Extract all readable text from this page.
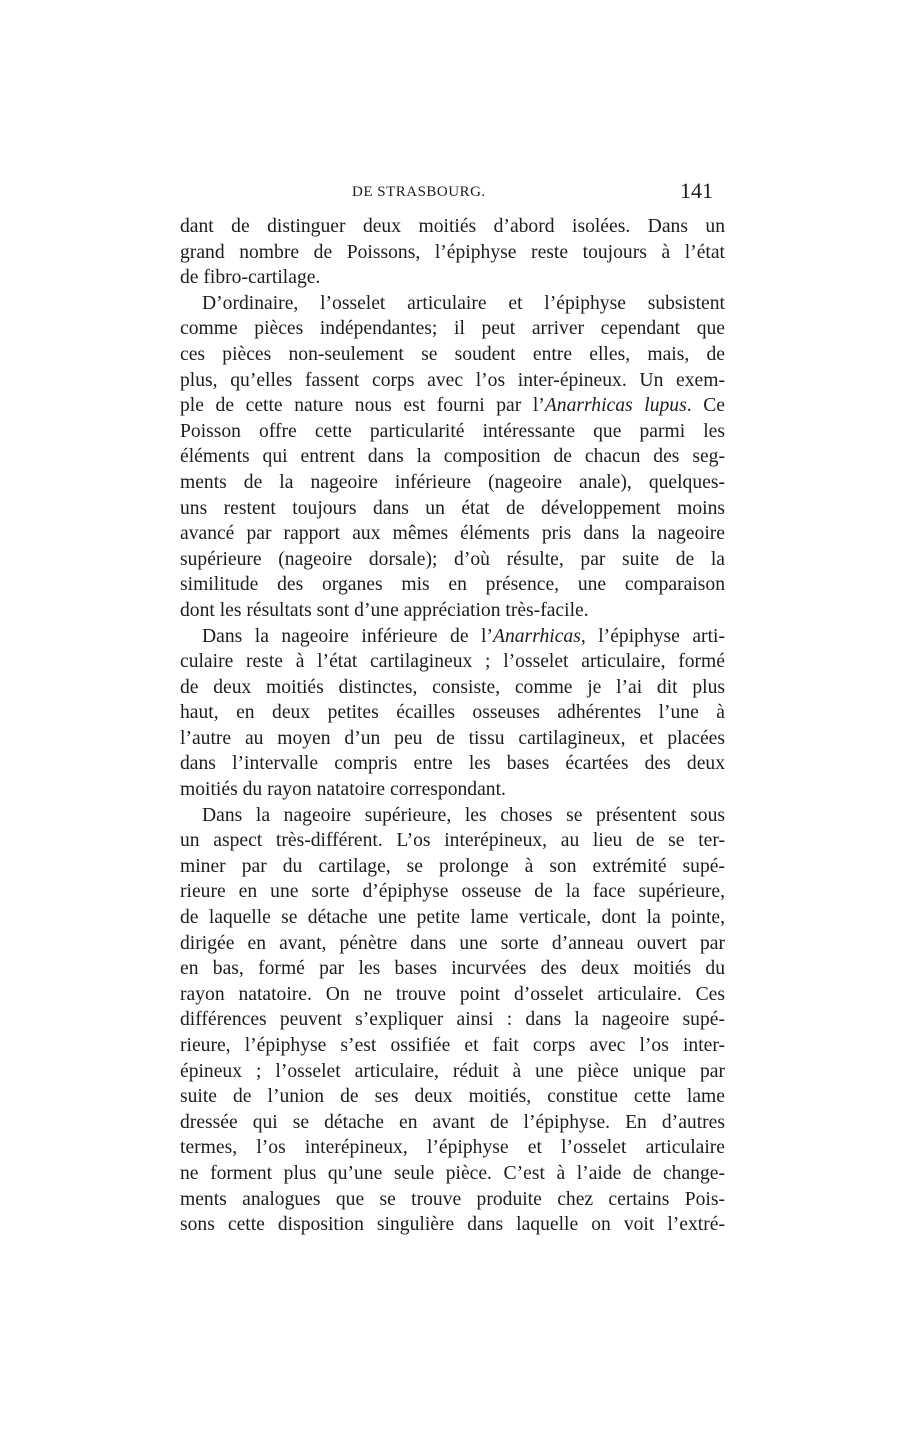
DE STRASBOURG.	141
dant de distinguer deux moitiés d’abord isolées. Dans un
grand nombre de Poissons, l’épiphyse reste toujours à l’état
de fibro-cartilage.
D’ordinaire, l’osselet articulaire et l’épiphyse subsistent
comme pièces indépendantes; il peut arriver cependant que
ces pièces non-seulement se soudent entre elles, mais, de
plus, qu’elles fassent corps avec l’os inter-épineux. Un exem-
ple de cette nature nous est fourni par l’Anarrhicas lupus. Ce
Poisson offre cette particularité intéressante que parmi les
éléments qui entrent dans la composition de chacun des seg-
ments de la nageoire inférieure (nageoire anale), quelques-
uns restent toujours dans un état de développement moins
avancé par rapport aux mêmes éléments pris dans la nageoire
supérieure (nageoire dorsale); d’où résulte, par suite de la
similitude des organes mis en présence, une comparaison
dont les résultats sont d’une appréciation très-facile.
Dans la nageoire inférieure de l’Anarrhicas, l’épiphyse arti-
culaire reste à l’état cartilagineux ; l’osselet articulaire, formé
de deux moitiés distinctes, consiste, comme je l’ai dit plus
haut, en deux petites écailles osseuses adhérentes l’une à
l’autre au moyen d’un peu de tissu cartilagineux, et placées
dans l’intervalle compris entre les bases écartées des deux
moitiés du rayon natatoire correspondant.
Dans la nageoire supérieure, les choses se présentent sous
un aspect très-différent. L’os interépineux, au lieu de se ter-
miner par du cartilage, se prolonge à son extrémité supé-
rieure en une sorte d’épiphyse osseuse de la face supérieure,
de laquelle se détache une petite lame verticale, dont la pointe,
dirigée en avant, pénètre dans une sorte d’anneau ouvert par
en bas, formé par les bases incurvées des deux moitiés du
rayon natatoire. On ne trouve point d’osselet articulaire. Ces
différences peuvent s’expliquer ainsi : dans la nageoire supé-
rieure, l’épiphyse s’est ossifiée et fait corps avec l’os inter-
épineux ; l’osselet articulaire, réduit à une pièce unique par
suite de l’union de ses deux moitiés, constitue cette lame
dressée qui se détache en avant de l’épiphyse. En d’autres
termes, l’os interépineux, l’épiphyse et l’osselet articulaire
ne forment plus qu’une seule pièce. C’est à l’aide de change-
ments analogues que se trouve produite chez certains Pois-
sons cette disposition singulière dans laquelle on voit l’extré-
